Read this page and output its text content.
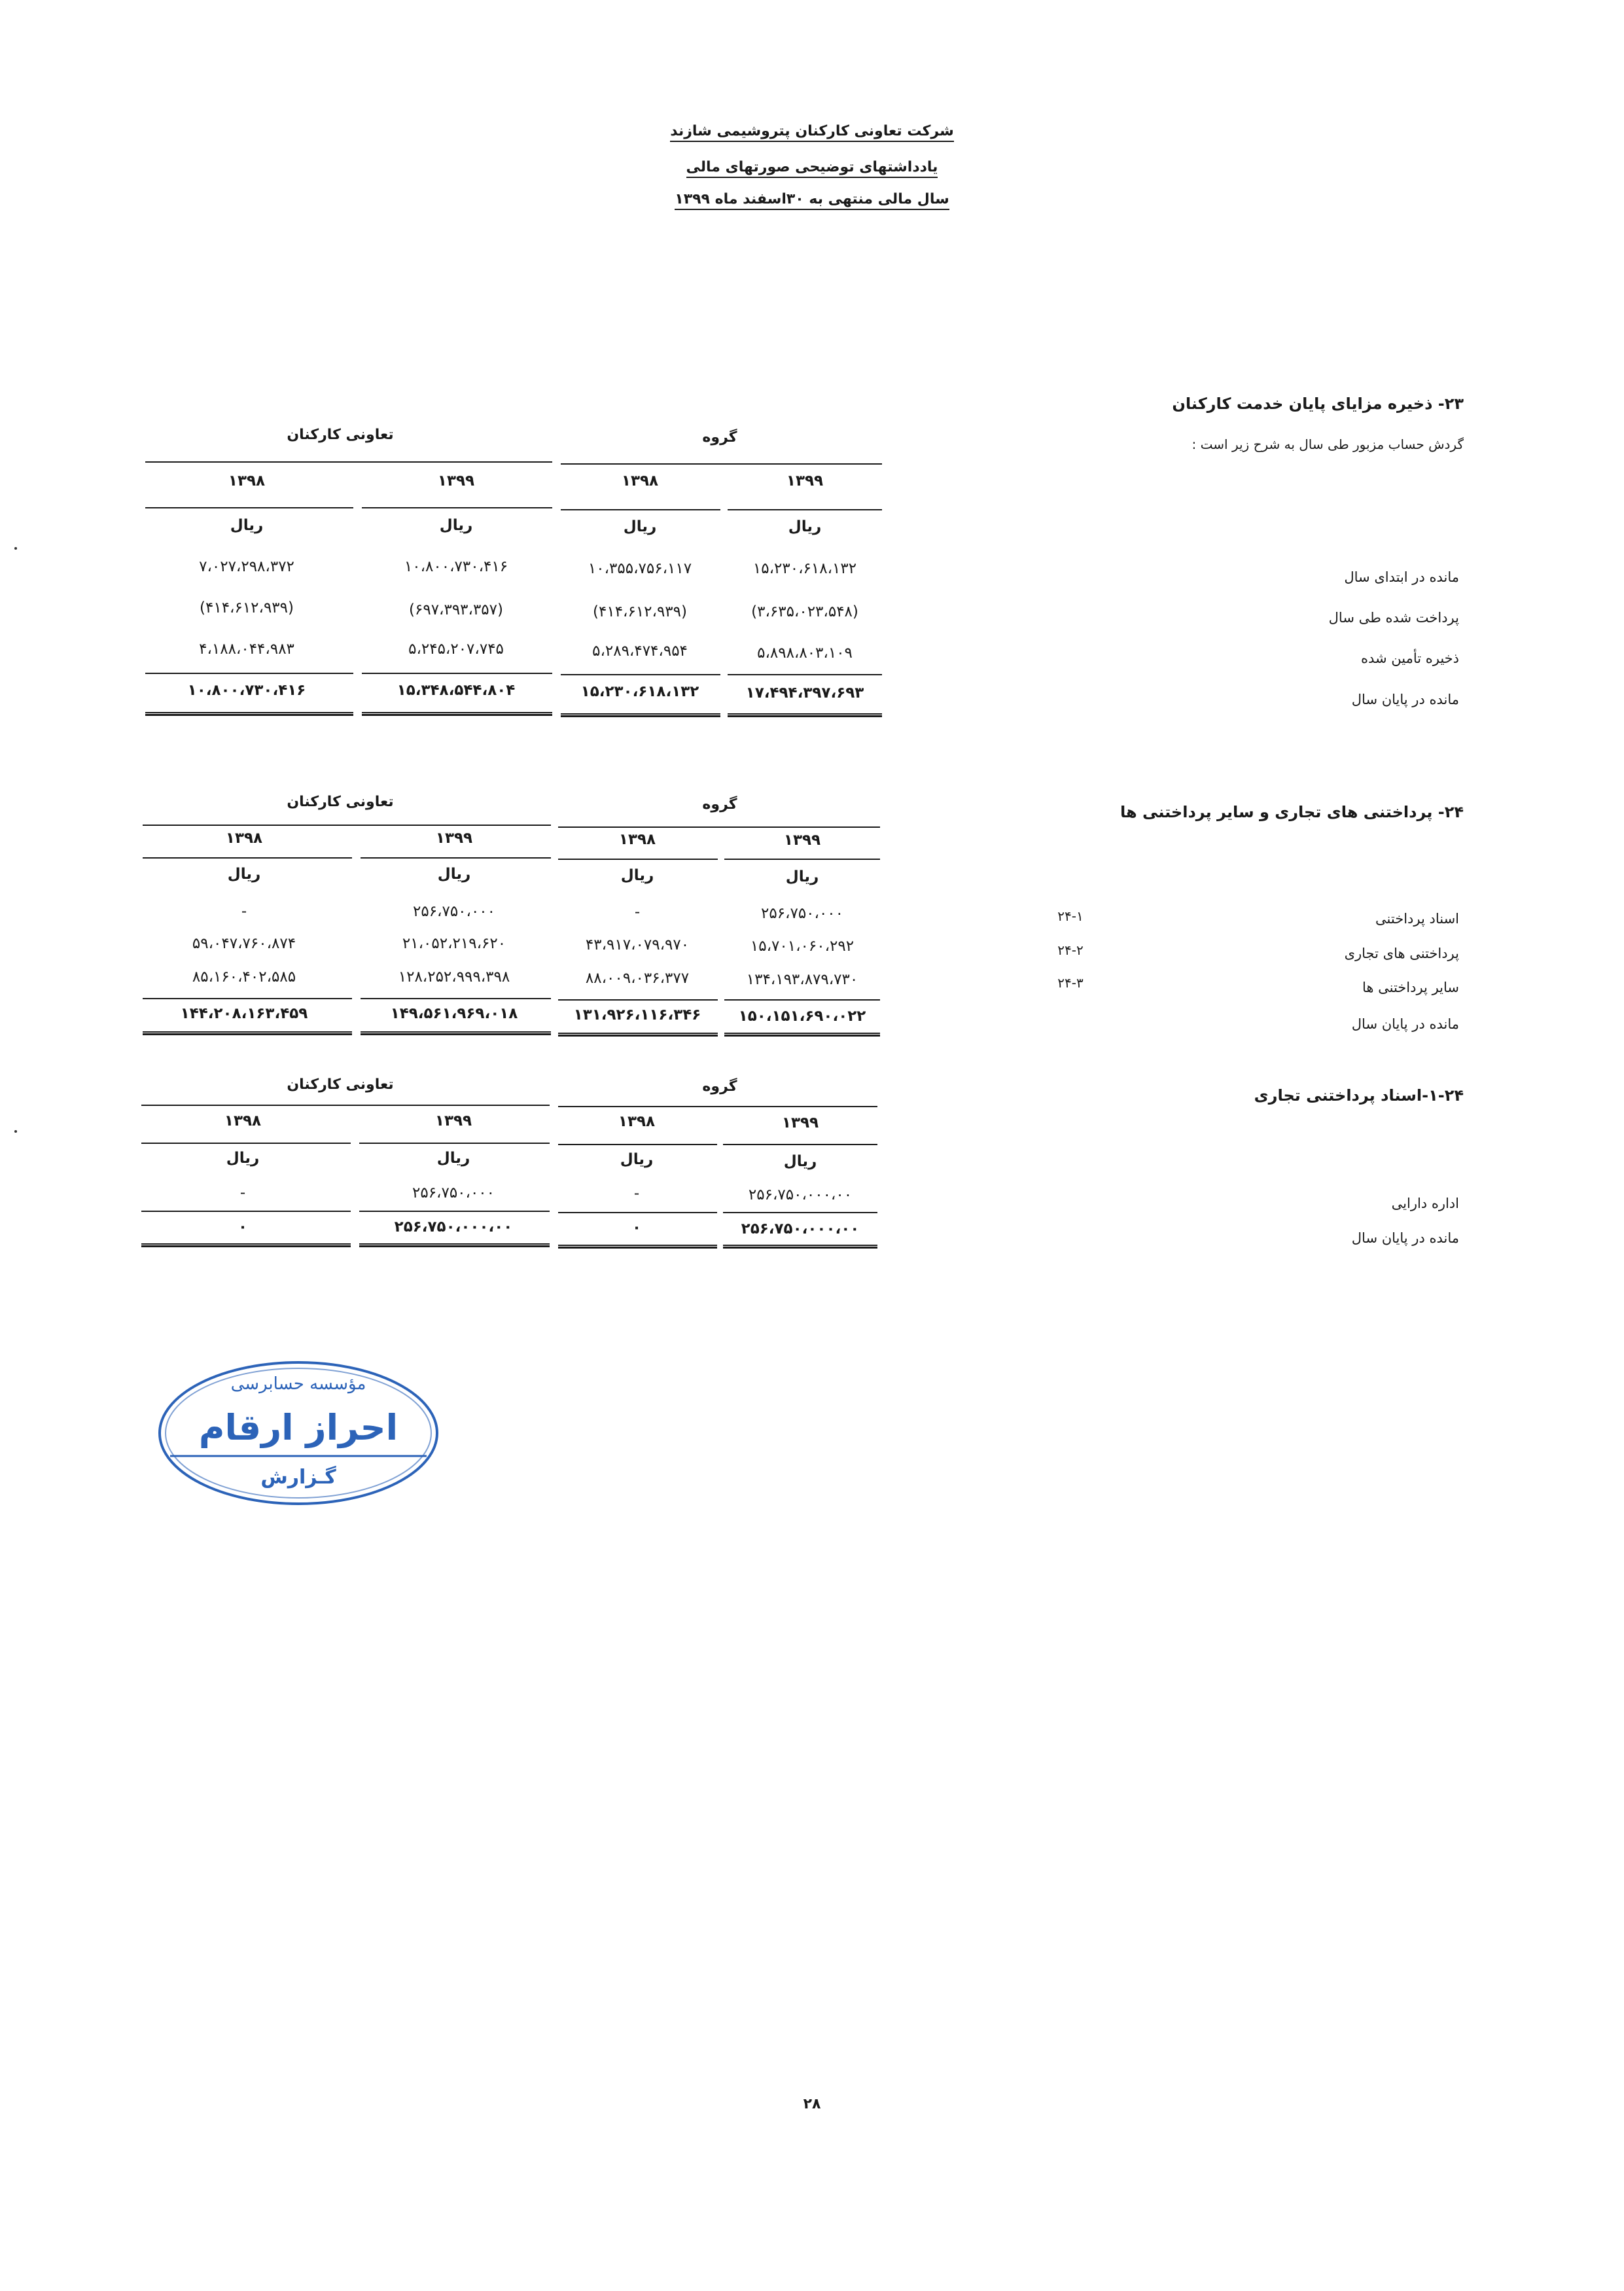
شرکت تعاونی کارکنان پتروشیمی شازند
یادداشتهای توضیحی صورتهای مالی
سال مالی منتهی به ۳۰اسفند ماه ۱۳۹۹
۲۳- ذخیره مزایای پایان خدمت کارکنان
گردش حساب مزبور طی سال به شرح زیر است :
گروه
تعاونی کارکنان
۱۳۹۹
۱۳۹۸
۱۳۹۹
۱۳۹۸
ریال
ریال
ریال
ریال
مانده در ابتدای سال
۱۵،۲۳۰،۶۱۸،۱۳۲
۱۰،۳۵۵،۷۵۶،۱۱۷
۱۰،۸۰۰،۷۳۰،۴۱۶
۷،۰۲۷،۲۹۸،۳۷۲
پرداخت شده طی سال
(۳،۶۳۵،۰۲۳،۵۴۸)
(۴۱۴،۶۱۲،۹۳۹)
(۶۹۷،۳۹۳،۳۵۷)
(۴۱۴،۶۱۲،۹۳۹)
ذخیره تأمین شده
۵،۸۹۸،۸۰۳،۱۰۹
۵،۲۸۹،۴۷۴،۹۵۴
۵،۲۴۵،۲۰۷،۷۴۵
۴،۱۸۸،۰۴۴،۹۸۳
مانده در پایان سال
۱۷،۴۹۴،۳۹۷،۶۹۳
۱۵،۲۳۰،۶۱۸،۱۳۲
۱۵،۳۴۸،۵۴۴،۸۰۴
۱۰،۸۰۰،۷۳۰،۴۱۶
۲۴- پرداختنی های تجاری و سایر پرداختنی ها
گروه
تعاونی کارکنان
۱۳۹۹
۱۳۹۸
۱۳۹۹
۱۳۹۸
ریال
ریال
ریال
ریال
اسناد پرداختنی
۲۴-۱
۲۵۶،۷۵۰،۰۰۰
-
۲۵۶،۷۵۰،۰۰۰
-
پرداختنی های تجاری
۲۴-۲
۱۵،۷۰۱،۰۶۰،۲۹۲
۴۳،۹۱۷،۰۷۹،۹۷۰
۲۱،۰۵۲،۲۱۹،۶۲۰
۵۹،۰۴۷،۷۶۰،۸۷۴
سایر پرداختنی ها
۲۴-۳
۱۳۴،۱۹۳،۸۷۹،۷۳۰
۸۸،۰۰۹،۰۳۶،۳۷۷
۱۲۸،۲۵۲،۹۹۹،۳۹۸
۸۵،۱۶۰،۴۰۲،۵۸۵
مانده در پایان سال
۱۵۰،۱۵۱،۶۹۰،۰۲۲
۱۳۱،۹۲۶،۱۱۶،۳۴۶
۱۴۹،۵۶۱،۹۶۹،۰۱۸
۱۴۴،۲۰۸،۱۶۳،۴۵۹
۱-۲۴-اسناد پرداختنی تجاری
گروه
تعاونی کارکنان
۱۳۹۹
۱۳۹۸
۱۳۹۹
۱۳۹۸
ریال
ریال
ریال
ریال
اداره دارایی
۲۵۶،۷۵۰،۰۰۰،۰۰
-
۲۵۶،۷۵۰،۰۰۰
-
مانده در پایان سال
۲۵۶،۷۵۰،۰۰۰،۰۰
۰
۲۵۶،۷۵۰،۰۰۰،۰۰
۰
مؤسسه حسابرسی
احراز ارقام
گـزارش
۲۸
